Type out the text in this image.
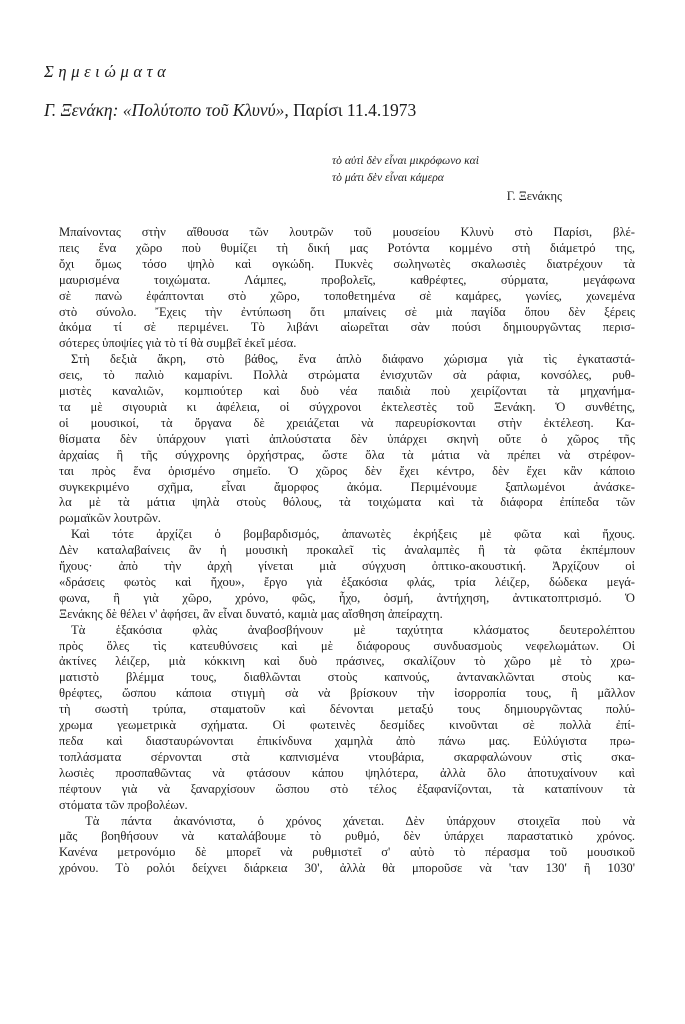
Σημειώματα
Γ. Ξενάκη: «Πολύτοπο τοῦ Κλυνύ», Παρίσι 11.4.1973
τὸ αὐτὶ δὲν εἶναι μικρόφωνο καὶ
τὸ μάτι δὲν εἶναι κάμερα
Γ. Ξενάκης
Μπαίνοντας στὴν αἴθουσα τῶν λουτρῶν τοῦ μουσείου Κλυνὺ στὸ Παρίσι, βλέ-
πεις ἕνα χῶρο ποὺ θυμίζει τὴ δική μας Ροτόντα κομμένο στὴ διάμετρό της,
ὄχι ὅμως τόσο ψηλὸ καὶ ογκώδη. Πυκνὲς σωληνωτὲς σκαλωσιὲς διατρέχουν τὰ
μαυρισμένα τοιχώματα. Λάμπες, προβολεῖς, καθρέφτες, σύρματα, μεγάφωνα
σὲ πανὼ ἐφάπτονται στὸ χῶρο, τοποθετημένα σὲ καμάρες, γωνίες, χωνεμένα
στὸ σύνολο. Ἔχεις τὴν ἐντύπωση ὅτι μπαίνεις σὲ μιὰ παγίδα ὅπου δὲν ξέρεις
ἀκόμα τί σὲ περιμένει. Τὸ λιβάνι αἰωρεῖται σὰν πούσι δημιουργῶντας περισ-
σότερες ὑποψίες γιὰ τὸ τί θὰ συμβεῖ ἐκεῖ μέσα.
Στὴ δεξιὰ ἄκρη, στὸ βάθος, ἕνα ἁπλὸ διάφανο χώρισμα γιὰ τὶς ἐγκαταστά-
σεις, τὸ παλιὸ καμαρίνι. Πολλὰ στρώματα ἐνισχυτῶν σὰ ράφια, κονσόλες, ρυθ-
μιστὲς καναλιῶν, κομπιούτερ καὶ δυὸ νέα παιδιὰ ποὺ χειρίζονται τὰ μηχανήμα-
τα μὲ σιγουριὰ κι ἀφέλεια, οἱ σύγχρονοι ἐκτελεστὲς τοῦ Ξενάκη. Ὁ συνθέτης,
οἱ μουσικοί, τὰ ὄργανα δὲ χρειάζεται νὰ παρευρίσκονται στὴν ἐκτέλεση. Κα-
θίσματα δὲν ὑπάρχουν γιατὶ ἀπλούστατα δὲν ὑπάρχει σκηνὴ οὔτε ὁ χῶρος τῆς
ἀρχαίας ἢ τῆς σύγχρονης ὀρχήστρας, ὥστε ὅλα τὰ μάτια νὰ πρέπει νὰ στρέφον-
ται πρὸς ἕνα ὁρισμένο σημεῖο. Ὁ χῶρος δὲν ἔχει κέντρο, δὲν ἔχει κἂν κάποιο
συγκεκριμένο σχῆμα, εἶναι ἄμορφος ἀκόμα. Περιμένουμε ξαπλωμένοι ἀνάσκε-
λα μὲ τὰ μάτια ψηλὰ στοὺς θόλους, τὰ τοιχώματα καὶ τὰ διάφορα ἐπίπεδα τῶν
ρωμαϊκῶν λουτρῶν.
Καὶ τότε ἀρχίζει ὁ βομβαρδισμός, ἀπανωτὲς ἐκρήξεις μὲ φῶτα καὶ ἤχους.
Δὲν καταλαβαίνεις ἂν ἡ μουσικὴ προκαλεῖ τὶς ἀναλαμπὲς ἢ τὰ φῶτα ἐκπέμπουν
ἤχους· ἀπὸ τὴν ἀρχὴ γίνεται μιὰ σύγχυση ὀπτικο-ακουστική. Ἀρχίζουν οἱ
«δράσεις φωτὸς καὶ ἤχου», ἔργο γιὰ ἑξακόσια φλάς, τρία λέιζερ, δώδεκα μεγά-
φωνα, ἢ γιὰ χῶρο, χρόνο, φῶς, ἦχο, ὀσμή, ἀντήχηση, ἀντικατοπτρισμό. Ὁ
Ξενάκης δὲ θέλει ν' ἀφήσει, ἂν εἶναι δυνατό, καμιὰ μας αἴσθηση ἀπείραχτη.
Τὰ ἑξακόσια φλὰς ἀναβοσβήνουν μὲ ταχύτητα κλάσματος δευτερολέπτου
πρὸς ὅλες τὶς κατευθύνσεις καὶ μὲ διάφορους συνδυασμοὺς νεφελωμάτων. Οἱ
ἀκτίνες λέιζερ, μιὰ κόκκινη καὶ δυὸ πράσινες, σκαλίζουν τὸ χῶρο μὲ τὸ χρω-
ματιστὸ βλέμμα τους, διαθλῶνται στοὺς καπνούς, ἀντανακλῶνται στοὺς κα-
θρέφτες, ὥσπου κάποια στιγμὴ σὰ νὰ βρίσκουν τὴν ἰσορροπία τους, ἢ μᾶλλον
τὴ σωστὴ τρύπα, σταματοῦν καὶ δένονται μεταξύ τους δημιουργῶντας πολύ-
χρωμα γεωμετρικὰ σχήματα. Οἱ φωτεινὲς δεσμίδες κινοῦνται σὲ πολλὰ ἐπί-
πεδα καὶ διασταυρώνονται ἐπικίνδυνα χαμηλὰ ἀπὸ πάνω μας. Εὐλύγιστα πρω-
τοπλάσματα σέρνονται στὰ καπνισμένα ντουβάρια, σκαρφαλώνουν στὶς σκα-
λωσιὲς προσπαθῶντας νὰ φτάσουν κάπου ψηλότερα, ἀλλὰ ὅλο ἀποτυχαίνουν καὶ
πέφτουν γιὰ νὰ ξαναρχίσουν ὥσπου στὸ τέλος ἐξαφανίζονται, τὰ καταπίνουν τὰ
στόματα τῶν προβολέων.
Τὰ πάντα ἀκανόνιστα, ὁ χρόνος χάνεται. Δὲν ὑπάρχουν στοιχεῖα ποὺ νὰ
μᾶς βοηθήσουν νὰ καταλάβουμε τὸ ρυθμό, δὲν ὑπάρχει παραστατικὸ χρόνος.
Κανένα μετρονόμιο δὲ μπορεῖ νὰ ρυθμιστεῖ σ' αὐτὸ τὸ πέρασμα τοῦ μουσικοῦ
χρόνου. Τὸ ρολόι δείχνει διάρκεια 30', ἀλλὰ θὰ μποροῦσε νὰ 'ταν 130' ἢ 1030'
